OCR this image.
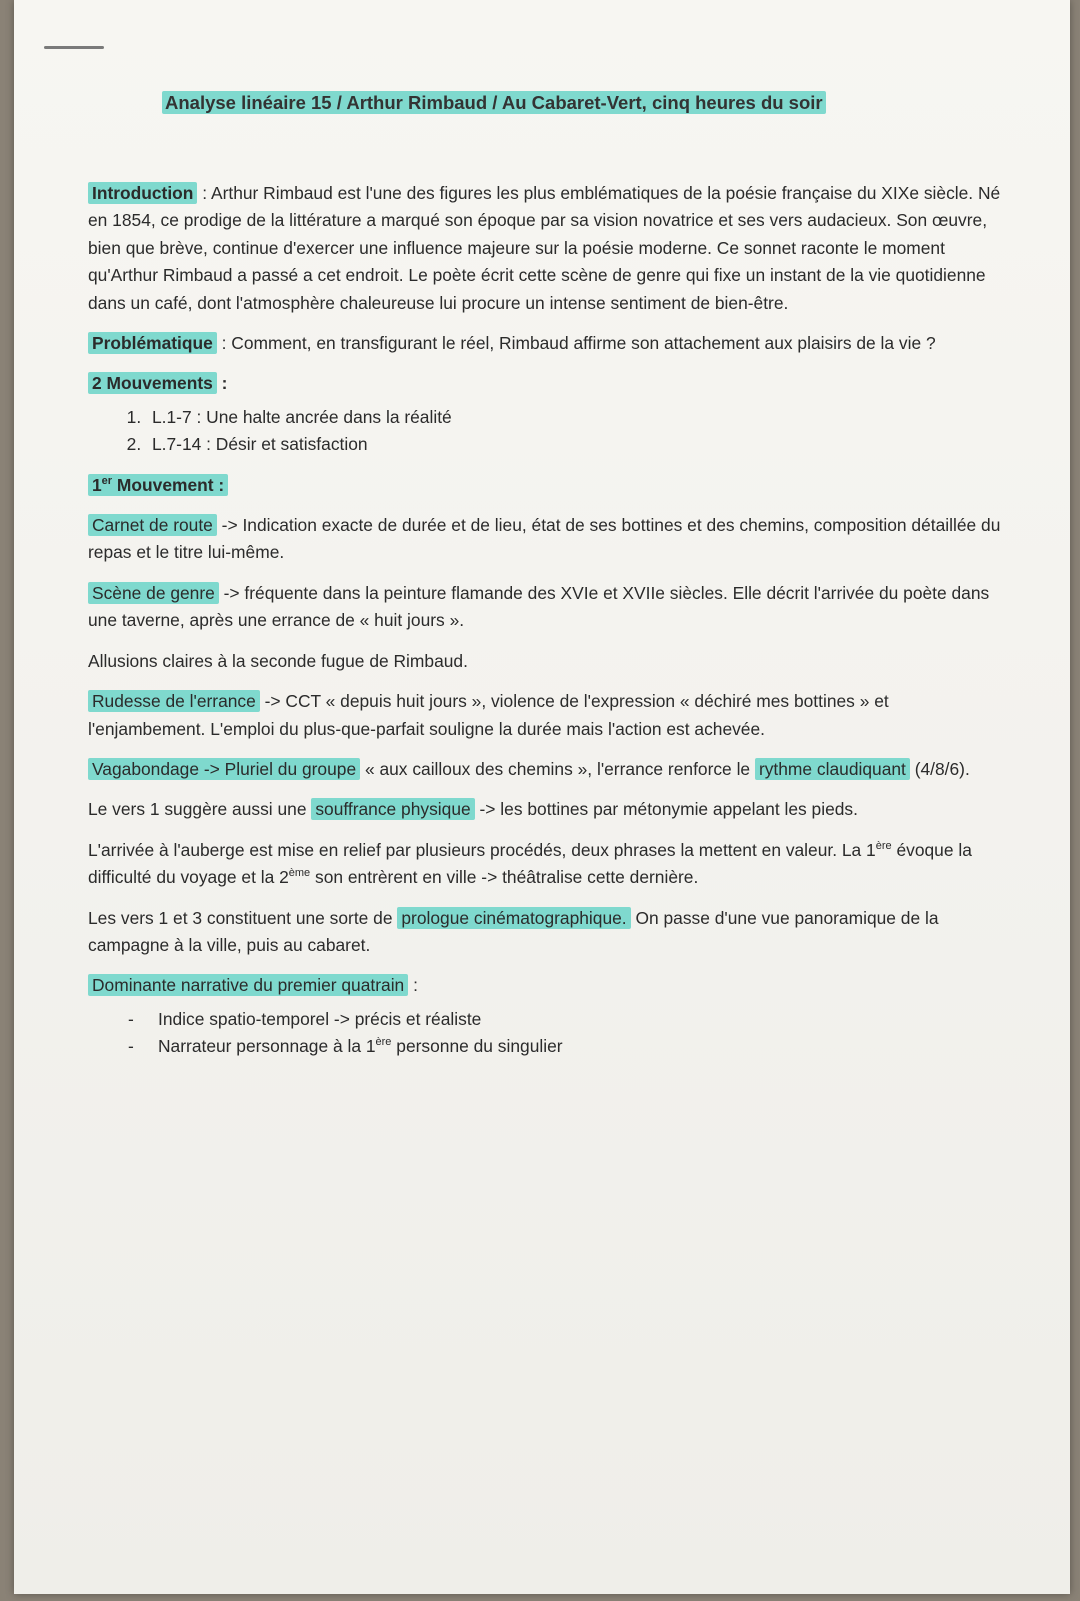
Analyse linéaire 15 / Arthur Rimbaud / Au Cabaret-Vert, cinq heures du soir

Introduction : Arthur Rimbaud est l'une des figures les plus emblématiques de la poésie française du XIXe siècle. Né en 1854, ce prodige de la littérature a marqué son époque par sa vision novatrice et ses vers audacieux. Son œuvre, bien que brève, continue d'exercer une influence majeure sur la poésie moderne. Ce sonnet raconte le moment qu'Arthur Rimbaud a passé a cet endroit. Le poète écrit cette scène de genre qui fixe un instant de la vie quotidienne dans un café, dont l'atmosphère chaleureuse lui procure un intense sentiment de bien-être.

Problématique : Comment, en transfigurant le réel, Rimbaud affirme son attachement aux plaisirs de la vie ?

2 Mouvements :

1. L.1-7 : Une halte ancrée dans la réalité
2. L.7-14 : Désir et satisfaction

1er Mouvement :

Carnet de route -> Indication exacte de durée et de lieu, état de ses bottines et des chemins, composition détaillée du repas et le titre lui-même.

Scène de genre -> fréquente dans la peinture flamande des XVIe et XVIIe siècles. Elle décrit l'arrivée du poète dans une taverne, après une errance de « huit jours ».

Allusions claires à la seconde fugue de Rimbaud.

Rudesse de l'errance -> CCT « depuis huit jours », violence de l'expression « déchiré mes bottines » et l'enjambement. L'emploi du plus-que-parfait souligne la durée mais l'action est achevée.

Vagabondage -> Pluriel du groupe « aux cailloux des chemins », l'errance renforce le rythme claudiquant (4/8/6).

Le vers 1 suggère aussi une souffrance physique -> les bottines par métonymie appelant les pieds.

L'arrivée à l'auberge est mise en relief par plusieurs procédés, deux phrases la mettent en valeur. La 1ère évoque la difficulté du voyage et la 2ème son entrèrent en ville -> théâtralise cette dernière.

Les vers 1 et 3 constituent une sorte de prologue cinématographique. On passe d'une vue panoramique de la campagne à la ville, puis au cabaret.

Dominante narrative du premier quatrain :

- Indice spatio-temporel -> précis et réaliste
- Narrateur personnage à la 1ère personne du singulier
